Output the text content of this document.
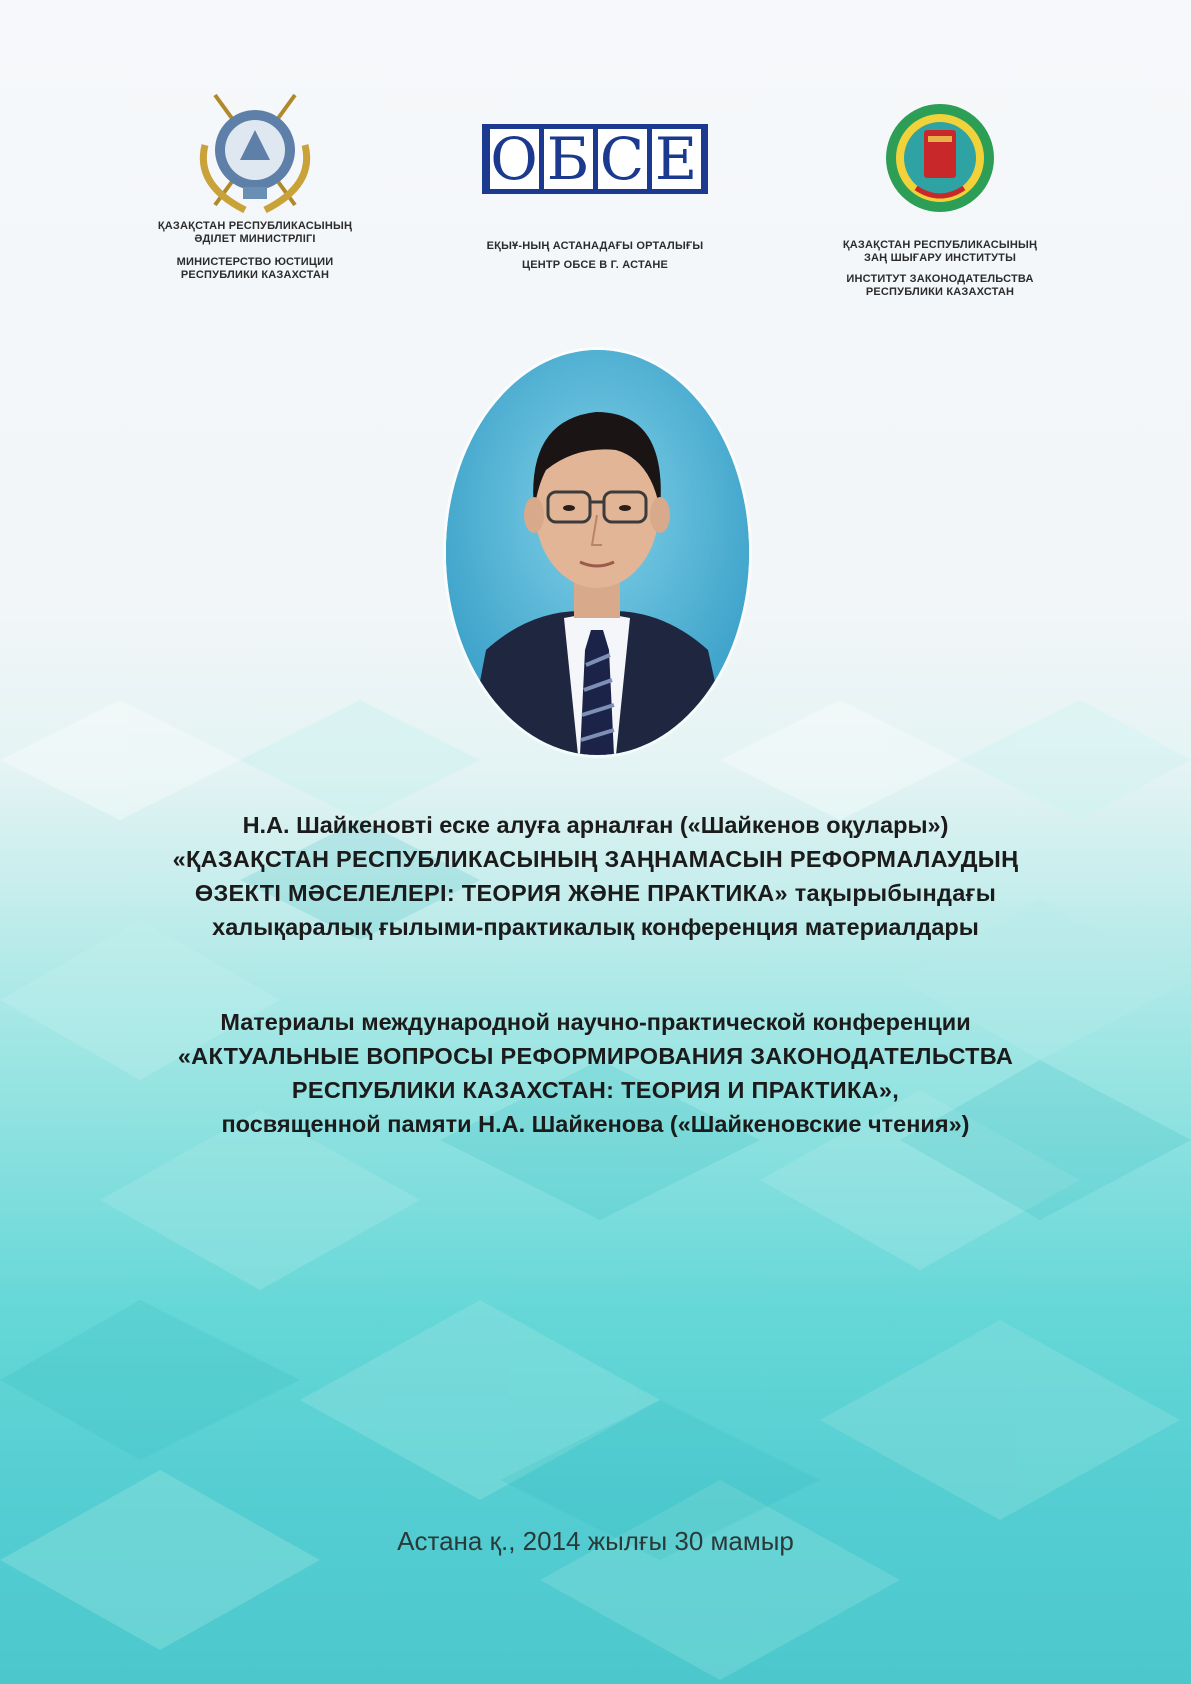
ҚАЗАҚСТАН РЕСПУБЛИКАСЫНЫҢ
ӘДІЛЕТ МИНИСТРЛІГІ
МИНИСТЕРСТВО ЮСТИЦИИ
РЕСПУБЛИКИ КАЗАХСТАН
О Б С Е
ЕҚЫҰ-НЫҢ АСТАНАДАҒЫ ОРТАЛЫҒЫ
ЦЕНТР ОБСЕ В Г. АСТАНЕ
ҚАЗАҚСТАН РЕСПУБЛИКАСЫНЫҢ
ЗАҢ ШЫҒАРУ ИНСТИТУТЫ
ИНСТИТУТ ЗАКОНОДАТЕЛЬСТВА
РЕСПУБЛИКИ КАЗАХСТАН
Н.А. Шайкеновті еске алуға арналған («Шайкенов оқулары»)
«ҚАЗАҚСТАН РЕСПУБЛИКАСЫНЫҢ ЗАҢНАМАСЫН РЕФОРМАЛАУДЫҢ
ӨЗЕКТІ МӘСЕЛЕЛЕРІ: ТЕОРИЯ ЖӘНЕ ПРАКТИКА» тақырыбындағы
халықаралық ғылыми-практикалық конференция материалдары
Материалы международной научно-практической конференции
«АКТУАЛЬНЫЕ ВОПРОСЫ РЕФОРМИРОВАНИЯ ЗАКОНОДАТЕЛЬСТВА
РЕСПУБЛИКИ КАЗАХСТАН: ТЕОРИЯ И ПРАКТИКА»,
посвященной памяти Н.А. Шайкенова («Шайкеновские чтения»)
Астана қ., 2014 жылғы 30 мамыр
